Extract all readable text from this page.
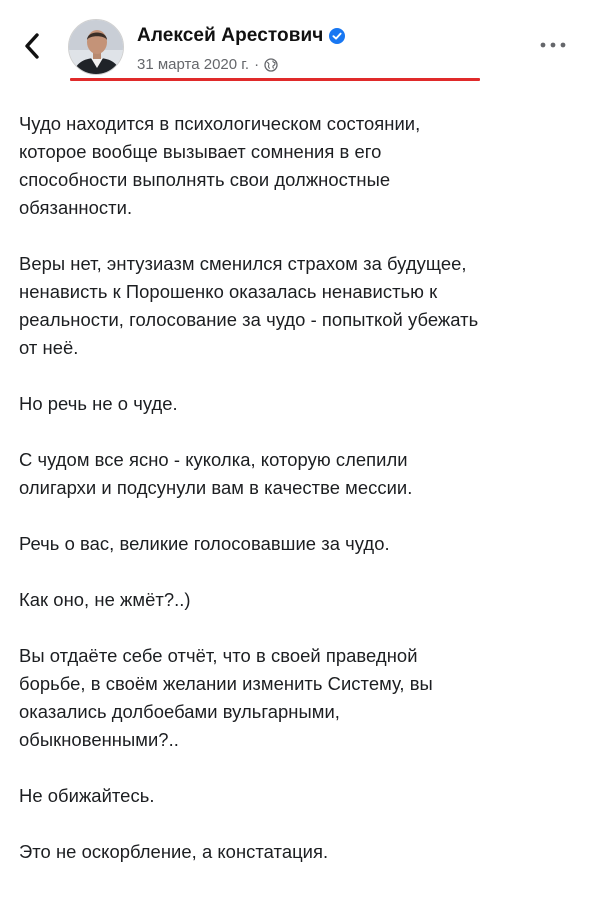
Алексей Арестович
31 марта 2020 г. ·

Чудо находится в психологическом состоянии,
которое вообще вызывает сомнения в его
способности выполнять свои должностные
обязанности.

Веры нет, энтузиазм сменился страхом за будущее,
ненависть к Порошенко оказалась ненавистью к
реальности, голосование за чудо - попыткой убежать
от неё.

Но речь не о чуде.

С чудом все ясно - куколка, которую слепили
олигархи и подсунули вам в качестве мессии.

Речь о вас, великие голосовавшие за чудо.

Как оно, не жмёт?..)

Вы отдаёте себе отчёт, что в своей праведной
борьбе, в своём желании изменить Систему, вы
оказались долбоебами вульгарными,
обыкновенными?..

Не обижайтесь.

Это не оскорбление, а констатация.
